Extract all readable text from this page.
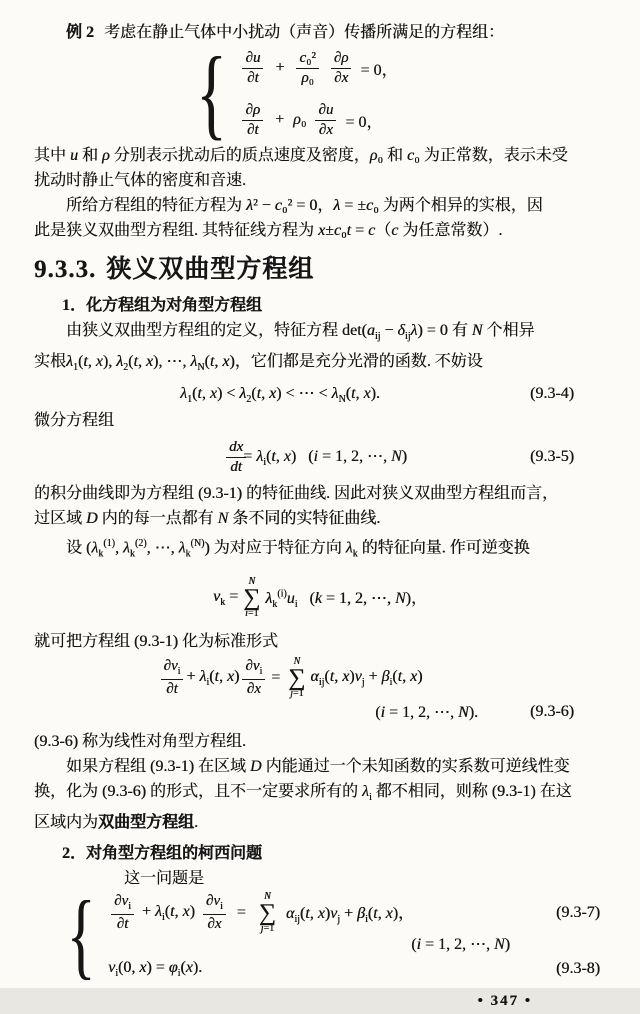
例 2 考虑在静止气体中小扰动（声音）传播所满足的方程组：

{ $\frac{\partial u}{\partial t} + \frac{\text{c₀²}}{\text{ρ₀}} \frac{\partial\rho}{\partial x} = 0$，
$\frac{\partial\rho}{\partial t} + \rho_0 \frac{\partial u}{\partial x} = 0$，

其中 u 和 ρ 分别表示扰动后的质点速度及密度，ρ₀ 和 c₀ 为正常数，表示未受

扰动时静止气体的密度和音速.

所给方程组的特征方程为 λ² − c₀² = 0，λ = ±c₀ 为两个相异的实根，因

此是狭义双曲型方程组. 其特征线方程为 x±c₀t = c（c 为任意常数）.

9.3.3. 狭义双曲型方程组

1．化方程组为对角型方程组

由狭义双曲型方程组的定义，特征方程 $\det(a_{ij} - \delta_{ij}\lambda) = 0$ 有 N 个相异

实根$\lambda_1(t$, x), $\lambda_2(t$, x), ⋯, $\lambda_N(t$, x)，它们都是充分光滑的函数. 不妨设

$\lambda_1(t$, $x) < \lambda_2(t$, x) < ⋯ < $\lambda_N(t$, x).	(9.3-4)

微分方程组

$\frac{dx}{dt}$
= $\lambda_i(t$, x)   (i = 1, 2, ⋯, N)	(9.3-5)

的积分曲线即为方程组 (9.3-1) 的特征曲线. 因此对狭义双曲型方程组而言，

过区域 D 内的每一点都有 N 条不同的实特征曲线.

设 ($\lambda_k^{(1)}$, $\lambda_k^{(2)}$, ⋯, $\lambda_k^{(N)}$) 为对应于特征方向 $\lambda_k$ 的特征向量. 作可逆变换

$v_k$ =
N
∑
i=1
$\lambda_k^{(i)}u_i$   (k = 1, 2, ⋯, N)，

就可把方程组 (9.3-1) 化为标准形式

$\frac{\partial v_i}{\partial t} + \lambda_i(t$, $x) \frac{\partial v_i}{\partial x}$ =
N
∑
j=1
$\alpha_{ij}(t$, $x)v_j + \beta_i(t$, x)
(i = 1, 2, ⋯, N).	(9.3-6)

(9.3-6) 称为线性对角型方程组.

如果方程组 (9.3-1) 在区域 D 内能通过一个未知函数的实系数可逆线性变

换，化为 (9.3-6) 的形式，且不一定要求所有的 $\lambda_i$ 都不相同，则称 (9.3-1) 在这

区域内为双曲型方程组.

2．对角型方程组的柯西问题

这一问题是

{ $\frac{\partial v_i}{\partial t} + \lambda_i(t$, $x) \frac{\partial v_i}{\partial x}$ =
N
∑
j=1
$\alpha_{ij}(t$, $x)v_j + \beta_i(t$, x)，	(9.3-7)
(i = 1, 2, ⋯, N)
$v_i(0$, $x) = \varphi_i(x)$.	(9.3-8)

• 347 •
